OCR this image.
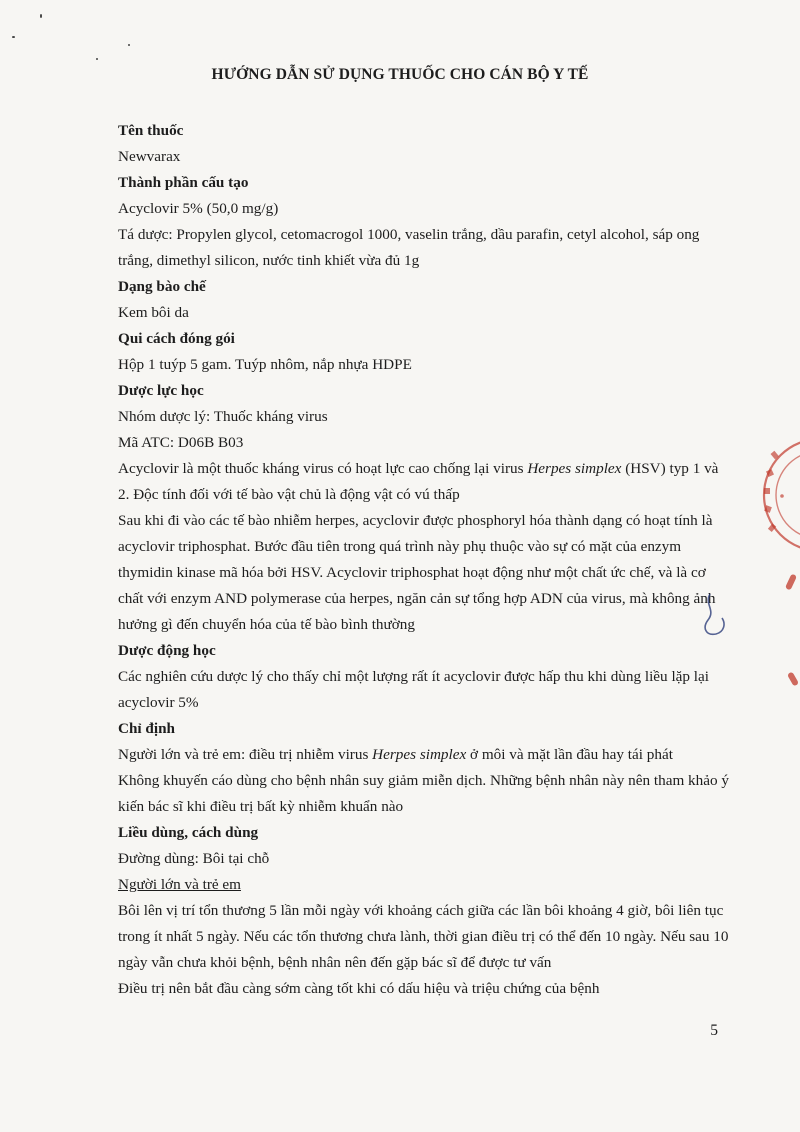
HƯỚNG DẪN SỬ DỤNG THUỐC CHO CÁN BỘ Y TẾ
Tên thuốc

Newvarax

Thành phần cấu tạo

Acyclovir 5% (50,0 mg/g)

Tá dược: Propylen glycol, cetomacrogol 1000, vaselin trắng, dầu parafin, cetyl alcohol, sáp ong trắng, dimethyl silicon, nước tinh khiết vừa đủ 1g

Dạng bào chế

Kem bôi da

Qui cách đóng gói

Hộp 1 tuýp 5 gam. Tuýp nhôm, nắp nhựa HDPE

Dược lực học

Nhóm dược lý: Thuốc kháng virus

Mã ATC: D06B B03

Acyclovir là một thuốc kháng virus có hoạt lực cao chống lại virus Herpes simplex (HSV) typ 1 và 2. Độc tính đối với tế bào vật chủ là động vật có vú thấp

Sau khi đi vào các tế bào nhiễm herpes, acyclovir được phosphoryl hóa thành dạng có hoạt tính là acyclovir triphosphat. Bước đầu tiên trong quá trình này phụ thuộc vào sự có mặt của enzym thymidin kinase mã hóa bởi HSV. Acyclovir triphosphat hoạt động như một chất ức chế, và là cơ chất với enzym AND polymerase của herpes, ngăn cản sự tổng hợp ADN của virus, mà không ảnh hưởng gì đến chuyển hóa của tế bào bình thường

Dược động học

Các nghiên cứu dược lý cho thấy chỉ một lượng rất ít acyclovir được hấp thu khi dùng liều lặp lại acyclovir 5%

Chỉ định

Người lớn và trẻ em: điều trị nhiễm virus Herpes simplex ở môi và mặt lần đầu hay tái phát

Không khuyến cáo dùng cho bệnh nhân suy giảm miễn dịch. Những bệnh nhân này nên tham khảo ý kiến bác sĩ khi điều trị bất kỳ nhiễm khuẩn nào

Liều dùng, cách dùng

Đường dùng: Bôi tại chỗ

Người lớn và trẻ em

Bôi lên vị trí tổn thương 5 lần mỗi ngày với khoảng cách giữa các lần bôi khoảng 4 giờ, bôi liên tục trong ít nhất 5 ngày. Nếu các tổn thương chưa lành, thời gian điều trị có thể đến 10 ngày. Nếu sau 10 ngày vẫn chưa khỏi bệnh, bệnh nhân nên đến gặp bác sĩ để được tư vấn

Điều trị nên bắt đầu càng sớm càng tốt khi có dấu hiệu và triệu chứng của bệnh

5
